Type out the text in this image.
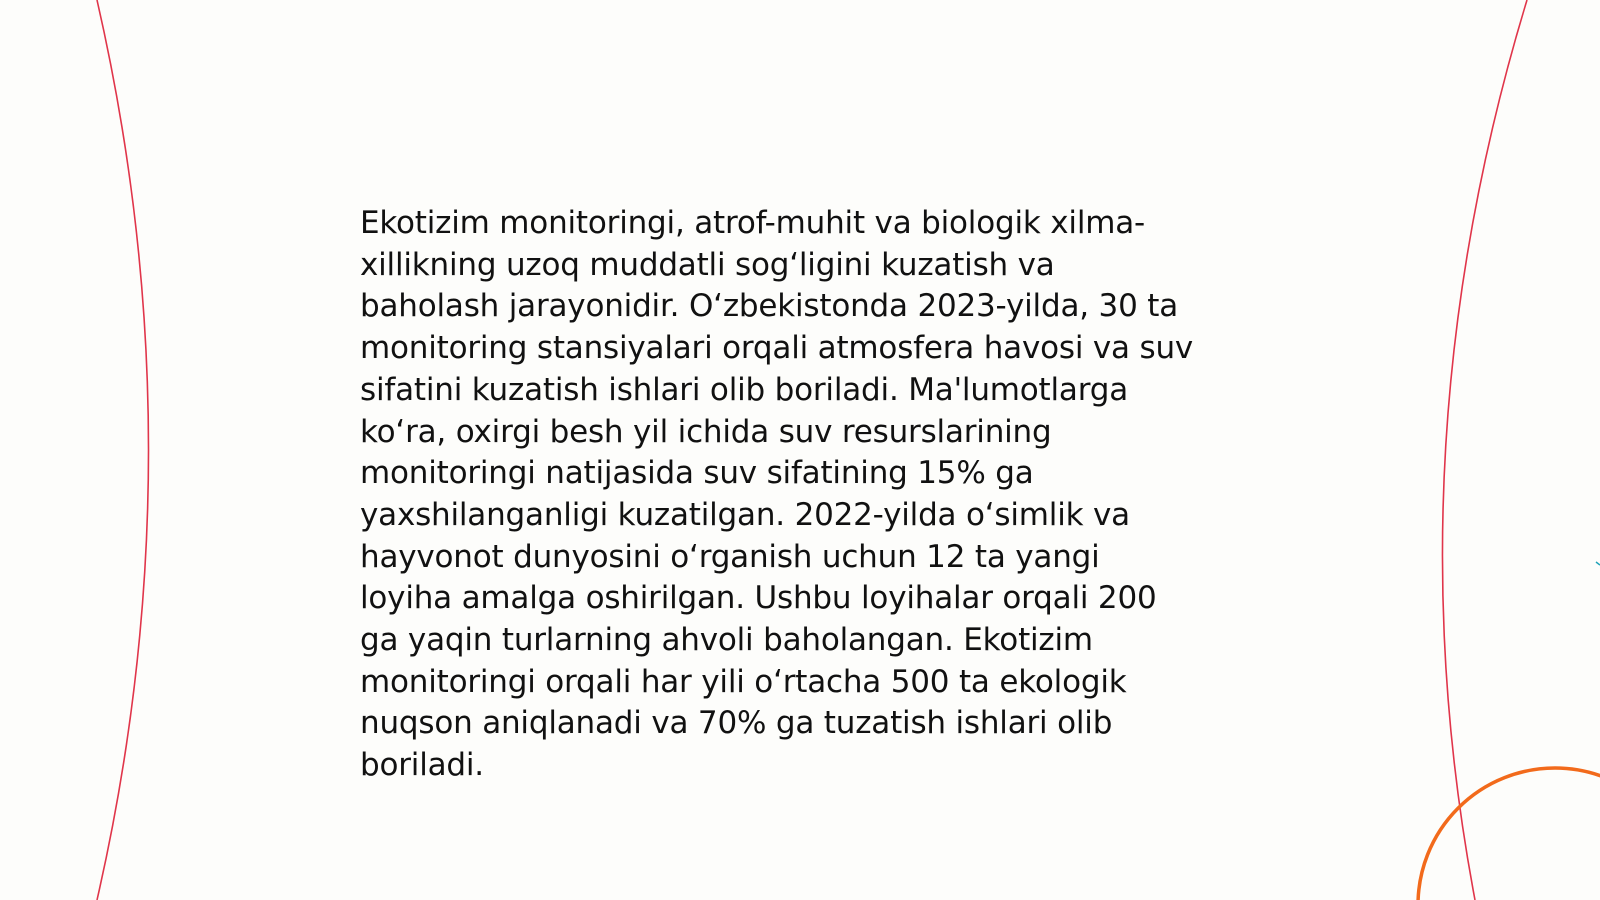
Ekotizim monitoringi, atrof-muhit va biologik xilma-
xillikning uzoq muddatli sog‘ligini kuzatish va
baholash jarayonidir. O‘zbekistonda 2023-yilda, 30 ta
monitoring stansiyalari orqali atmosfera havosi va suv
sifatini kuzatish ishlari olib boriladi. Ma'lumotlarga
ko‘ra, oxirgi besh yil ichida suv resurslarining
monitoringi natijasida suv sifatining 15% ga
yaxshilanganligi kuzatilgan. 2022-yilda o‘simlik va
hayvonot dunyosini o‘rganish uchun 12 ta yangi
loyiha amalga oshirilgan. Ushbu loyihalar orqali 200
ga yaqin turlarning ahvoli baholangan. Ekotizim
monitoringi orqali har yili o‘rtacha 500 ta ekologik
nuqson aniqlanadi va 70% ga tuzatish ishlari olib
boriladi.
